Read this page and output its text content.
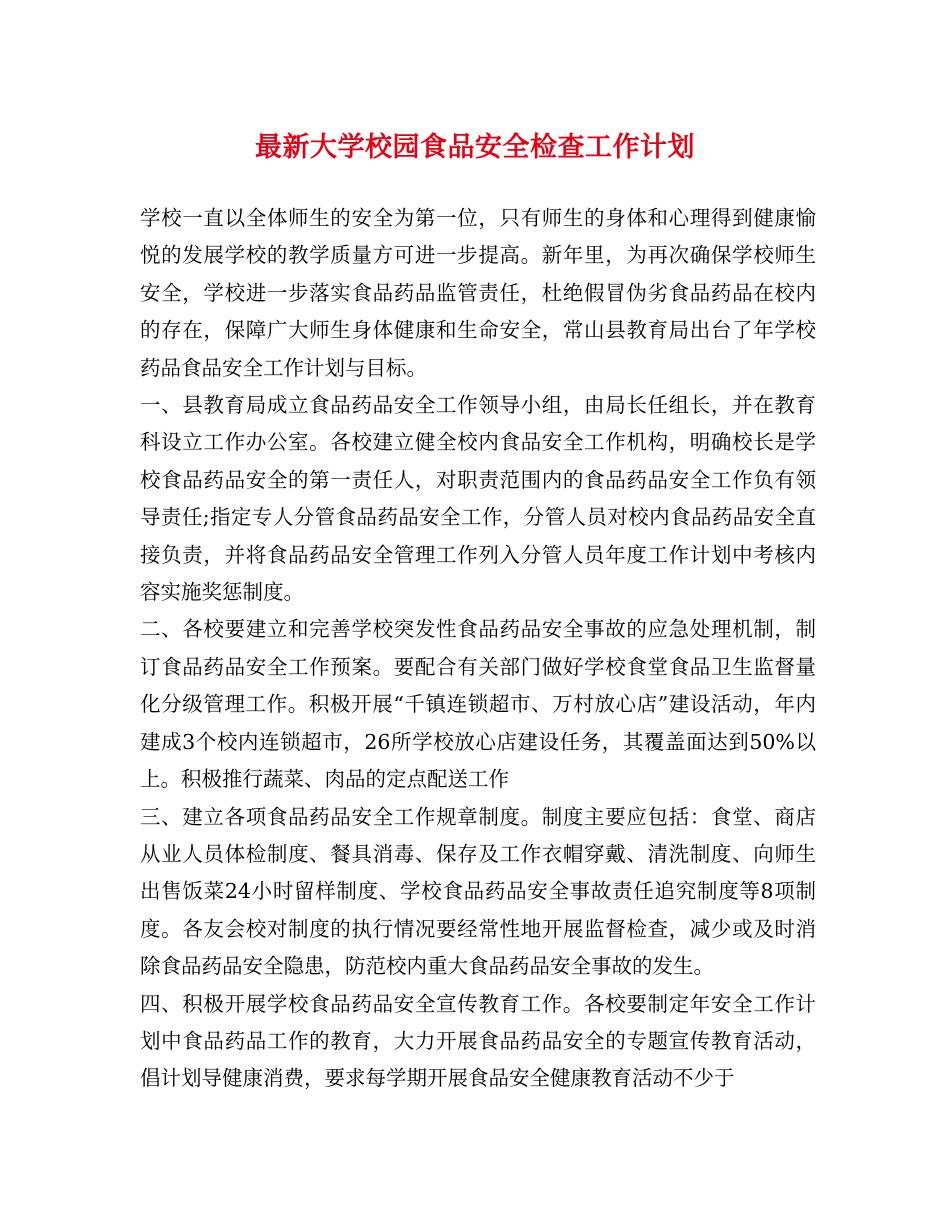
最新大学校园食品安全检查工作计划

学校一直以全体师生的安全为第一位，只有师生的身体和心理得到健康愉悦的发展学校的教学质量方可进一步提高。新年里，为再次确保学校师生安全，学校进一步落实食品药品监管责任，杜绝假冒伪劣食品药品在校内的存在，保障广大师生身体健康和生命安全，常山县教育局出台了年学校药品食品安全工作计划与目标。

一、县教育局成立食品药品安全工作领导小组，由局长任组长，并在教育科设立工作办公室。各校建立健全校内食品安全工作机构，明确校长是学校食品药品安全的第一责任人，对职责范围内的食品药品安全工作负有领导责任;指定专人分管食品药品安全工作，分管人员对校内食品药品安全直接负责，并将食品药品安全管理工作列入分管人员年度工作计划中考核内容实施奖惩制度。

二、各校要建立和完善学校突发性食品药品安全事故的应急处理机制，制订食品药品安全工作预案。要配合有关部门做好学校食堂食品卫生监督量化分级管理工作。积极开展“千镇连锁超市、万村放心店”建设活动，年内建成3个校内连锁超市，26所学校放心店建设任务，其覆盖面达到50%以上。积极推行蔬菜、肉品的定点配送工作

三、建立各项食品药品安全工作规章制度。制度主要应包括：食堂、商店从业人员体检制度、餐具消毒、保存及工作衣帽穿戴、清洗制度、向师生出售饭菜24小时留样制度、学校食品药品安全事故责任追究制度等8项制度。各友会校对制度的执行情况要经常性地开展监督检查，减少或及时消除食品药品安全隐患，防范校内重大食品药品安全事故的发生。

四、积极开展学校食品药品安全宣传教育工作。各校要制定年安全工作计划中食品药品工作的教育，大力开展食品药品安全的专题宣传教育活动，倡计划导健康消费，要求每学期开展食品安全健康教育活动不少于
